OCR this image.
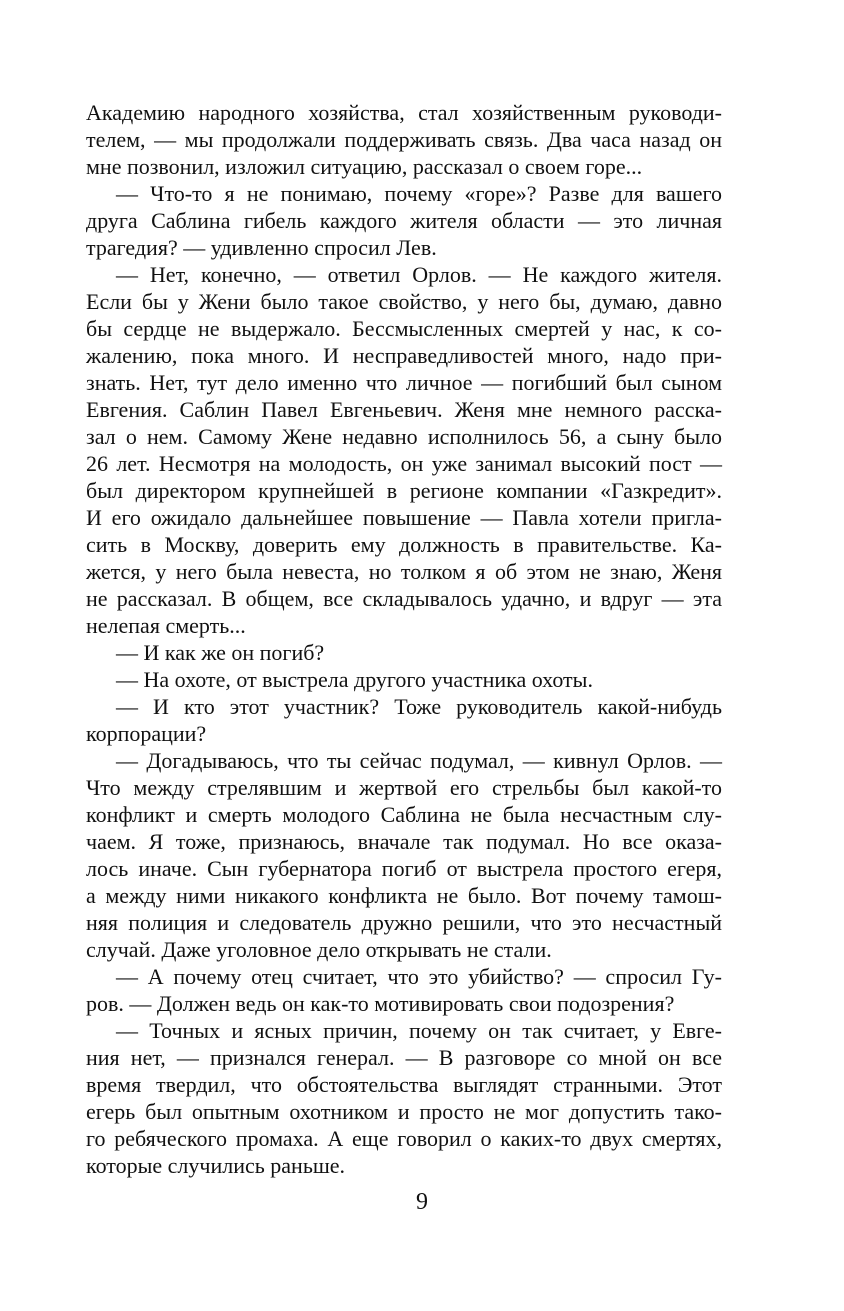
Академию народного хозяйства, стал хозяйственным руководи-
телем, — мы продолжали поддерживать связь. Два часа назад он
мне позвонил, изложил ситуацию, рассказал о своем горе...
— Что-то я не понимаю, почему «горе»? Разве для вашего
друга Саблина гибель каждого жителя области — это личная
трагедия? — удивленно спросил Лев.
— Нет, конечно, — ответил Орлов. — Не каждого жителя.
Если бы у Жени было такое свойство, у него бы, думаю, давно
бы сердце не выдержало. Бессмысленных смертей у нас, к со-
жалению, пока много. И несправедливостей много, надо при-
знать. Нет, тут дело именно что личное — погибший был сыном
Евгения. Саблин Павел Евгеньевич. Женя мне немного расска-
зал о нем. Самому Жене недавно исполнилось 56, а сыну было
26 лет. Несмотря на молодость, он уже занимал высокий пост —
был директором крупнейшей в регионе компании «Газкредит».
И его ожидало дальнейшее повышение — Павла хотели пригла-
сить в Москву, доверить ему должность в правительстве. Ка-
жется, у него была невеста, но толком я об этом не знаю, Женя
не рассказал. В общем, все складывалось удачно, и вдруг — эта
нелепая смерть...
— И как же он погиб?
— На охоте, от выстрела другого участника охоты.
— И кто этот участник? Тоже руководитель какой-нибудь
корпорации?
— Догадываюсь, что ты сейчас подумал, — кивнул Орлов. —
Что между стрелявшим и жертвой его стрельбы был какой-то
конфликт и смерть молодого Саблина не была несчастным слу-
чаем. Я тоже, признаюсь, вначале так подумал. Но все оказа-
лось иначе. Сын губернатора погиб от выстрела простого егеря,
а между ними никакого конфликта не было. Вот почему тамош-
няя полиция и следователь дружно решили, что это несчастный
случай. Даже уголовное дело открывать не стали.
— А почему отец считает, что это убийство? — спросил Гу-
ров. — Должен ведь он как-то мотивировать свои подозрения?
— Точных и ясных причин, почему он так считает, у Евге-
ния нет, — признался генерал. — В разговоре со мной он все
время твердил, что обстоятельства выглядят странными. Этот
егерь был опытным охотником и просто не мог допустить тако-
го ребяческого промаха. А еще говорил о каких-то двух смертях,
которые случились раньше.
9
